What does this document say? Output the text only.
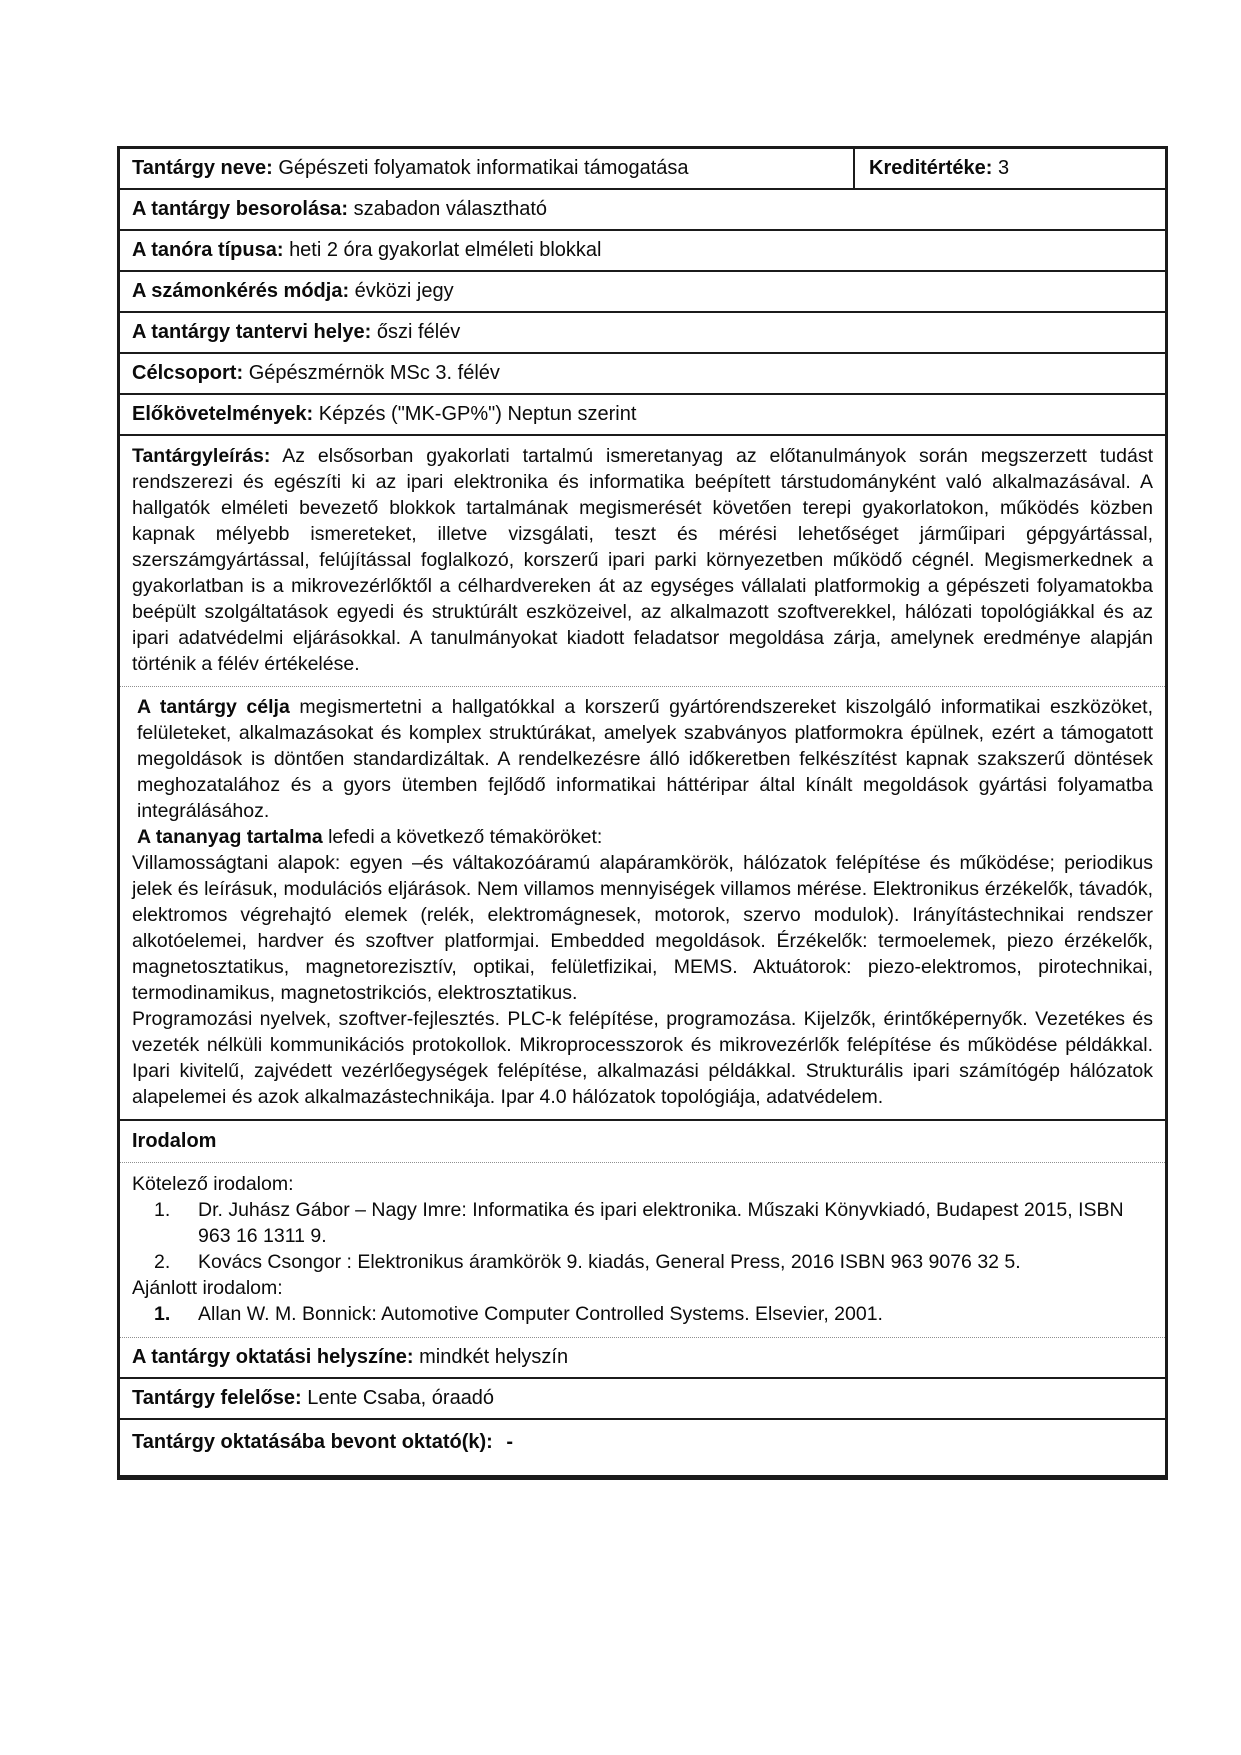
Tantárgy neve: Gépészeti folyamatok informatikai támogatása	Kreditértéke: 3
A tantárgy besorolása: szabadon választható
A tanóra típusa: heti 2 óra gyakorlat elméleti blokkal
A számonkérés módja: évközi jegy
A tantárgy tantervi helye: őszi félév
Célcsoport: Gépészmérnök MSc 3. félév
Előkövetelmények: Képzés ("MK-GP%") Neptun szerint

Tantárgyleírás: Az elsősorban gyakorlati tartalmú ismeretanyag az előtanulmányok során megszerzett tudást rendszerezi és egészíti ki az ipari elektronika és informatika beépített társtudományként való alkalmazásával. A hallgatók elméleti bevezető blokkok tartalmának megismerését követően terepi gyakorlatokon, működés közben kapnak mélyebb ismereteket, illetve vizsgálati, teszt és mérési lehetőséget járműipari gépgyártással, szerszámgyártással, felújítással foglalkozó, korszerű ipari parki környezetben működő cégnél. Megismerkednek a gyakorlatban is a mikrovezérlőktől a célhardvereken át az egységes vállalati platformokig a gépészeti folyamatokba beépült szolgáltatások egyedi és struktúrált eszközeivel, az alkalmazott szoftverekkel, hálózati topológiákkal és az ipari adatvédelmi eljárásokkal. A tanulmányokat kiadott feladatsor megoldása zárja, amelynek eredménye alapján történik a félév értékelése.

A tantárgy célja megismertetni a hallgatókkal a korszerű gyártórendszereket kiszolgáló informatikai eszközöket, felületeket, alkalmazásokat és komplex struktúrákat, amelyek szabványos platformokra épülnek, ezért a támogatott megoldások is döntően standardizáltak. A rendelkezésre álló időkeretben felkészítést kapnak szakszerű döntések meghozatalához és a gyors ütemben fejlődő informatikai háttéripar által kínált megoldások gyártási folyamatba integrálásához.

A tananyag tartalma lefedi a következő témaköröket:

Villamosságtani alapok: egyen –és váltakozóáramú alapáramkörök, hálózatok felépítése és működése; periodikus jelek és leírásuk, modulációs eljárások. Nem villamos mennyiségek villamos mérése. Elektronikus érzékelők, távadók, elektromos végrehajtó elemek (relék, elektromágnesek, motorok, szervo modulok). Irányítástechnikai rendszer alkotóelemei, hardver és szoftver platformjai. Embedded megoldások. Érzékelők: termoelemek, piezo érzékelők, magnetosztatikus, magnetorezisztív, optikai, felületfizikai, MEMS. Aktuátorok: piezo-elektromos, pirotechnikai, termodinamikus, magnetostrikciós, elektrosztatikus.

Programozási nyelvek, szoftver-fejlesztés. PLC-k felépítése, programozása. Kijelzők, érintőképernyők. Vezetékes és vezeték nélküli kommunikációs protokollok. Mikroprocesszorok és mikrovezérlők felépítése és működése példákkal. Ipari kivitelű, zajvédett vezérlőegységek felépítése, alkalmazási példákkal. Strukturális ipari számítógép hálózatok alapelemei és azok alkalmazástechnikája. Ipar 4.0 hálózatok topológiája, adatvédelem.

Irodalom

Kötelező irodalom:

1.	Dr. Juhász Gábor – Nagy Imre: Informatika és ipari elektronika. Műszaki Könyvkiadó, Budapest 2015, ISBN 963 16 1311 9.
2.	Kovács Csongor : Elektronikus áramkörök 9. kiadás, General Press, 2016 ISBN 963 9076 32 5.

Ajánlott irodalom:

1.	Allan W. M. Bonnick: Automotive Computer Controlled Systems. Elsevier, 2001.
A tantárgy oktatási helyszíne: mindkét helyszín
Tantárgy felelőse: Lente Csaba, óraadó
Tantárgy oktatásába bevont oktató(k): -
